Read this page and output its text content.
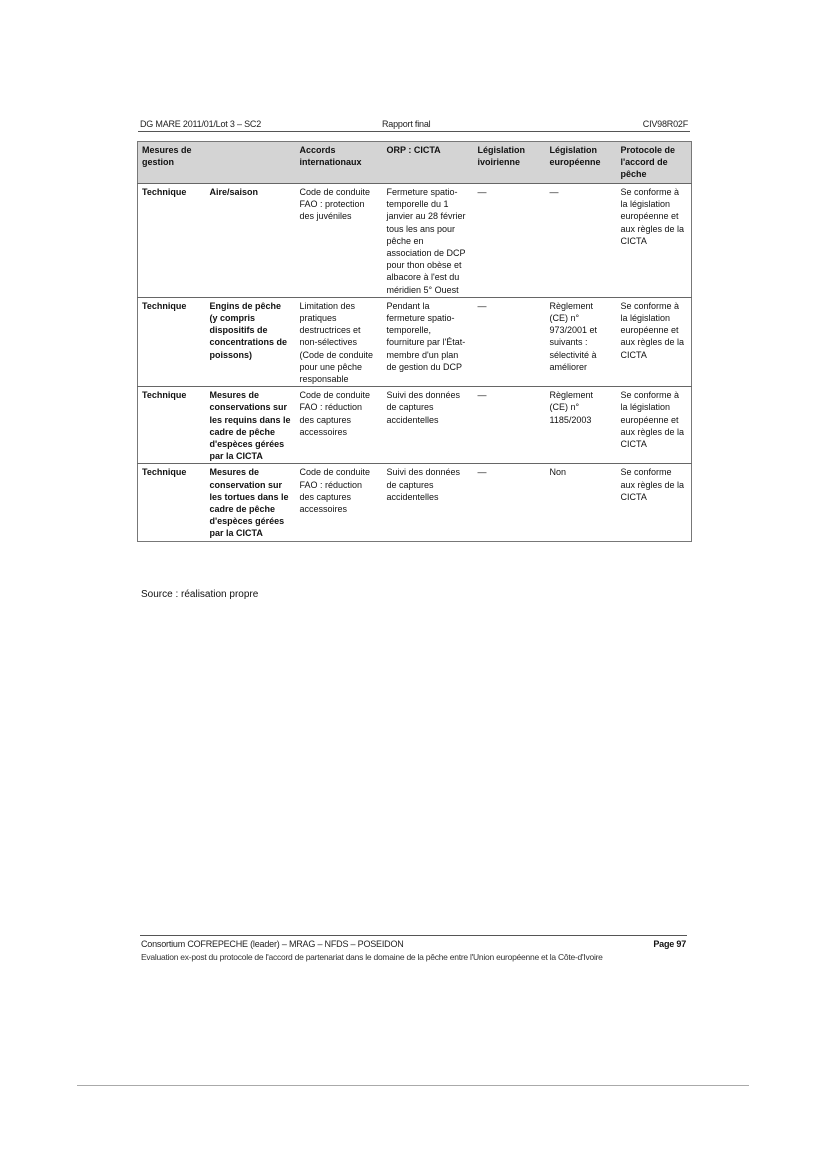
DG MARE 2011/01/Lot 3 – SC2	Rapport final	CIV98R02F
Mesures de gestion		Accords internationaux	ORP : CICTA	Législation ivoirienne	Législation européenne	Protocole de l'accord de pêche
Technique	Aire/saison	Code de conduite FAO : protection des juvéniles	Fermeture spatio-temporelle du 1 janvier au 28 février tous les ans pour pêche en association de DCP pour thon obèse et albacore à l'est du méridien 5° Ouest	—	—	Se conforme à la législation européenne et aux règles de la CICTA
Technique	Engins de pêche (y compris dispositifs de concentrations de poissons)	Limitation des pratiques destructrices et non-sélectives (Code de conduite pour une pêche responsable	Pendant la fermeture spatio-temporelle, fourniture par l'État-membre d'un plan de gestion du DCP	—	Règlement (CE) n° 973/2001 et suivants : sélectivité à améliorer	Se conforme à la législation européenne et aux règles de la CICTA
Technique	Mesures de conservations sur les requins dans le cadre de pêche d'espèces gérées par la CICTA	Code de conduite FAO : réduction des captures accessoires	Suivi des données de captures accidentelles	—	Règlement (CE) n° 1185/2003	Se conforme à la législation européenne et aux règles de la CICTA
Technique	Mesures de conservation sur les tortues dans le cadre de pêche d'espèces gérées par la CICTA	Code de conduite FAO : réduction des captures accessoires	Suivi des données de captures accidentelles	—	Non	Se conforme aux règles de la CICTA
Source : réalisation propre
Consortium COFREPECHE (leader) – MRAG – NFDS – POSEIDON	Page 97
Evaluation ex-post du protocole de l'accord de partenariat dans le domaine de la pêche entre l'Union européenne et la Côte-d'Ivoire
